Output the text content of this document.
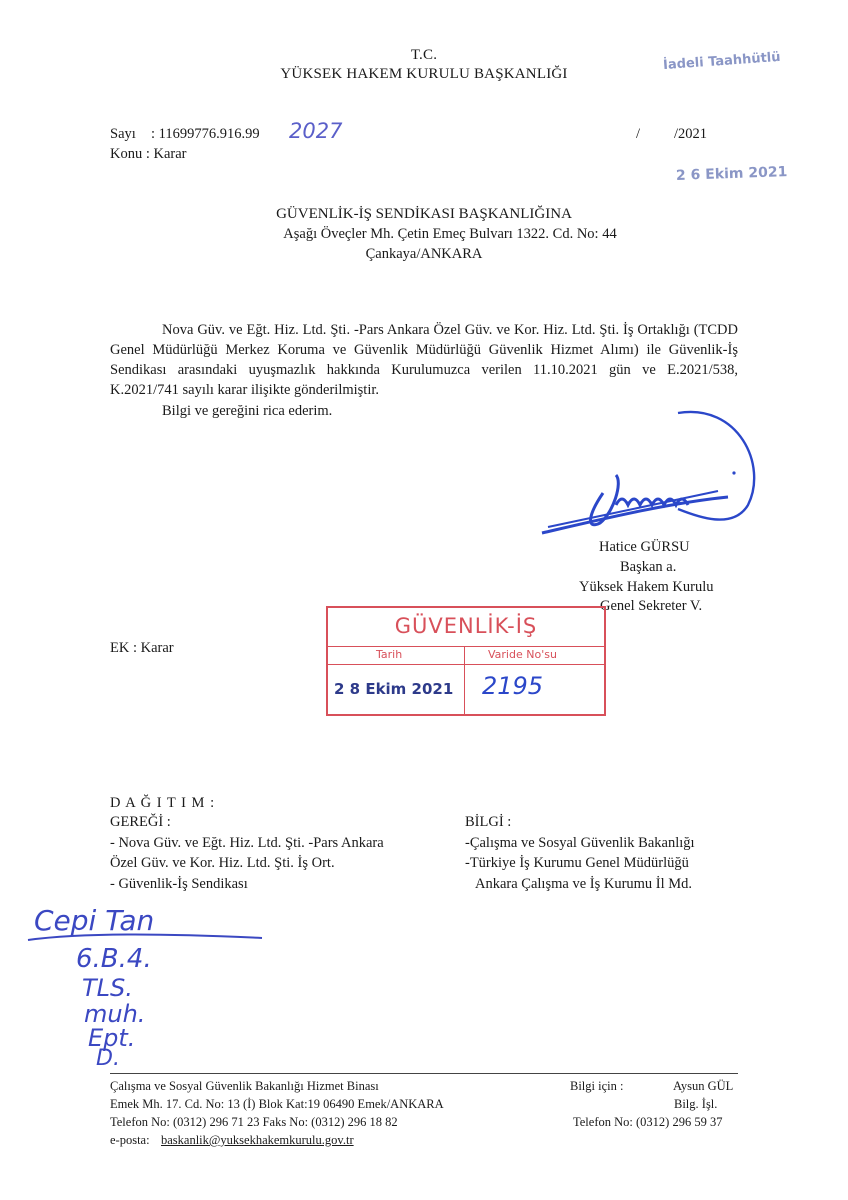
T.C.
YÜKSEK HAKEM KURULU BAŞKANLIĞI
İadeli Taahhütlü
Sayı : 11699776.916.99 2027	/ /2021
Konu : Karar
2 6 Ekim 2021
GÜVENLİK-İŞ SENDİKASI BAŞKANLIĞINA
Aşağı Öveçler Mh. Çetin Emeç Bulvarı 1322. Cd. No: 44
Çankaya/ANKARA
Nova Güv. ve Eğt. Hiz. Ltd. Şti. -Pars Ankara Özel Güv. ve Kor. Hiz. Ltd. Şti. İş Ortaklığı (TCDD Genel Müdürlüğü Merkez Koruma ve Güvenlik Müdürlüğü Güvenlik Hizmet Alımı) ile Güvenlik-İş Sendikası arasındaki uyuşmazlık hakkında Kurulumuzca verilen 11.10.2021 gün ve E.2021/538, K.2021/741 sayılı karar ilişikte gönderilmiştir.
Bilgi ve gereğini rica ederim.
Hatice GÜRSU
Başkan a.
Yüksek Hakem Kurulu
Genel Sekreter V.
EK : Karar
GÜVENLİK-İŞ
Tarih	Varide No'su
2 8 Ekim 2021 2195
D A Ğ I T I M :
GEREĞİ :
- Nova Güv. ve Eğt. Hiz. Ltd. Şti. -Pars Ankara
Özel Güv. ve Kor. Hiz. Ltd. Şti. İş Ort.
- Güvenlik-İş Sendikası
BİLGİ :
-Çalışma ve Sosyal Güvenlik Bakanlığı
-Türkiye İş Kurumu Genel Müdürlüğü
Ankara Çalışma ve İş Kurumu İl Md.
Cepi Tan
6.B.4.
TLS.
muh.
Ept.
D.
Çalışma ve Sosyal Güvenlik Bakanlığı Hizmet Binası
Emek Mh. 17. Cd. No: 13 (İ) Blok Kat:19 06490 Emek/ANKARA
Telefon No: (0312) 296 71 23 Faks No: (0312) 296 18 82
e-posta: baskanlik@yuksekhakemkurulu.gov.tr
Bilgi için :	Aysun GÜL
Bilg. İşl.
Telefon No: (0312) 296 59 37
